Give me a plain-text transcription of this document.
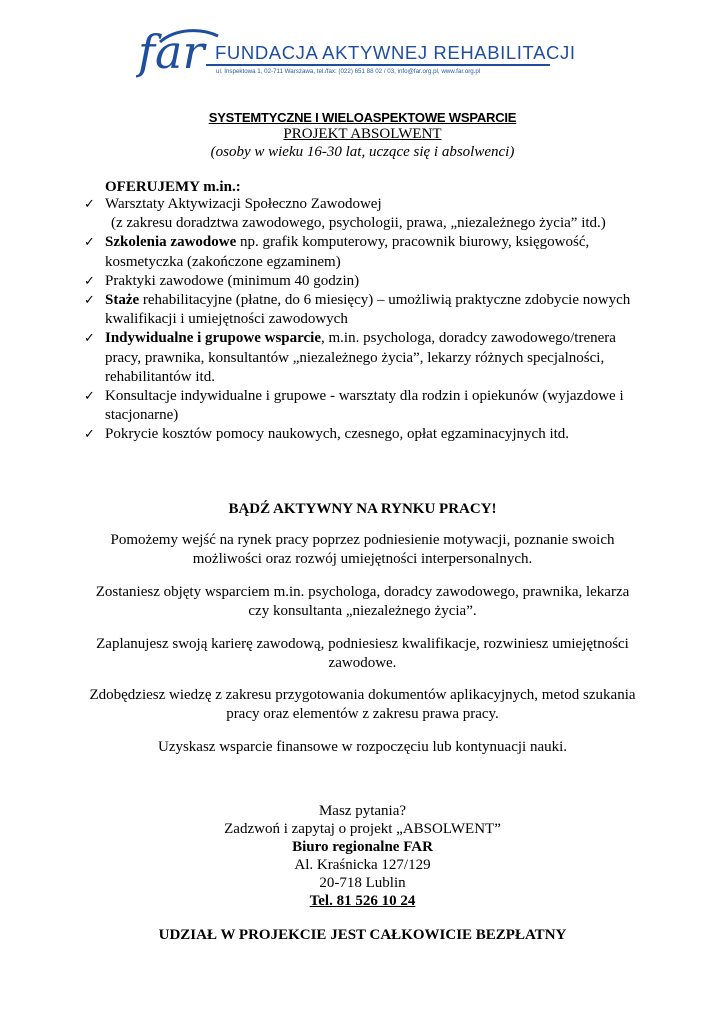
far FUNDACJA AKTYWNEJ REHABILITACJI
ul. Inspektowa 1, 02-711 Warszawa, tel./fax: (022) 651 88 02 / 03, info@far.org.pl, www.far.org.pl
SYSTEMTYCZNE I WIELOASPEKTOWE WSPARCIE
PROJEKT ABSOLWENT
(osoby w wieku 16-30 lat, uczące się i absolwenci)
OFERUJEMY m.in.:
✓ Warsztaty Aktywizacji Społeczno Zawodowej
(z zakresu doradztwa zawodowego, psychologii, prawa, „niezależnego życia” itd.)
✓ Szkolenia zawodowe np. grafik komputerowy, pracownik biurowy, księgowość,
kosmetyczka (zakończone egzaminem)
✓ Praktyki zawodowe (minimum 40 godzin)
✓ Staże rehabilitacyjne (płatne, do 6 miesięcy) – umożliwią praktyczne zdobycie nowych
kwalifikacji i umiejętności zawodowych
✓ Indywidualne i grupowe wsparcie, m.in. psychologa, doradcy zawodowego/trenera
pracy, prawnika, konsultantów „niezależnego życia”, lekarzy różnych specjalności,
rehabilitantów itd.
✓ Konsultacje indywidualne i grupowe - warsztaty dla rodzin i opiekunów (wyjazdowe i
stacjonarne)
✓ Pokrycie kosztów pomocy naukowych, czesnego, opłat egzaminacyjnych itd.
BĄDŹ AKTYWNY NA RYNKU PRACY!
Pomożemy wejść na rynek pracy poprzez podniesienie motywacji, poznanie swoich
możliwości oraz rozwój umiejętności interpersonalnych.
Zostaniesz objęty wsparciem m.in. psychologa, doradcy zawodowego, prawnika, lekarza
czy konsultanta „niezależnego życia”.
Zaplanujesz swoją karierę zawodową, podniesiesz kwalifikacje, rozwiniesz umiejętności
zawodowe.
Zdobędziesz wiedzę z zakresu przygotowania dokumentów aplikacyjnych, metod szukania
pracy oraz elementów z zakresu prawa pracy.
Uzyskasz wsparcie finansowe w rozpoczęciu lub kontynuacji nauki.
Masz pytania?
Zadzwoń i zapytaj o projekt „ABSOLWENT”
Biuro regionalne FAR
Al. Kraśnicka 127/129
20-718 Lublin
Tel. 81 526 10 24
UDZIAŁ W PROJEKCIE JEST CAŁKOWICIE BEZPŁATNY
